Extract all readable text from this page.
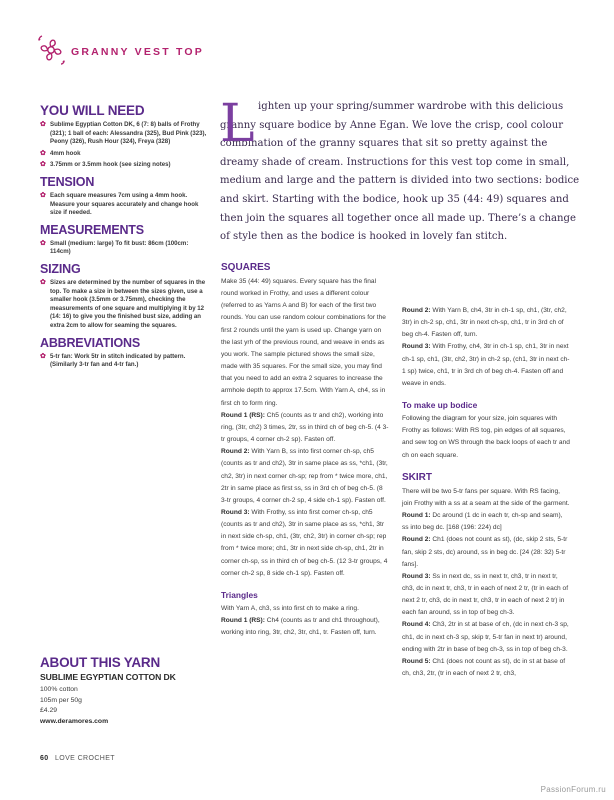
GRANNY VEST TOP
YOU WILL NEED
✿ Sublime Egyptian Cotton DK, 6 (7: 8) balls of Frothy (321); 1 ball of each: Alessandra (325), Bud Pink (323), Peony (326), Rush Hour (324), Freya (328)
✿ 4mm hook
✿ 3.75mm or 3.5mm hook (see sizing notes)
TENSION
✿ Each square measures 7cm using a 4mm hook. Measure your squares accurately and change hook size if needed.
MEASUREMENTS
✿ Small (medium: large) To fit bust: 86cm (100cm: 114cm)
SIZING
✿ Sizes are determined by the number of squares in the top. To make a size in between the sizes given, use a smaller hook (3.5mm or 3.75mm), checking the measurements of one square and multiplying it by 12 (14: 16) to give you the finished bust size, adding an extra 2cm to allow for seaming the squares.
ABBREVIATIONS
✿ 5-tr fan: Work 5tr in stitch indicated by pattern. (Similarly 3-tr fan and 4-tr fan.)
ABOUT THIS YARN
SUBLIME EGYPTIAN COTTON DK
100% cotton
105m per 50g
£4.29
www.deramores.com
L ighten up your spring/summer wardrobe with this delicious granny square bodice by Anne Egan. We love the crisp, cool colour combination of the granny squares that sit so pretty against the dreamy shade of cream. Instructions for this vest top come in small, medium and large and the pattern is divided into two sections: bodice and skirt. Starting with the bodice, hook up 35 (44: 49) squares and then join the squares all together once all made up. There’s a change of style then as the bodice is hooked in lovely fan stitch.

SQUARES

Make 35 (44: 49) squares. Every square has the final round worked in Frothy, and uses a different colour (referred to as Yarns A and B) for each of the first two rounds. You can use random colour combinations for the first 2 rounds until the yarn is used up. Change yarn on the last yrh of the previous round, and weave in ends as you work. The sample pictured shows the small size, made with 35 squares. For the small size, you may find that you need to add an extra 2 squares to increase the armhole depth to approx 17.5cm. With Yarn A, ch4, ss in first ch to form ring.
Round 1 (RS): Ch5 (counts as tr and ch2), working into ring, (3tr, ch2) 3 times, 2tr, ss in third ch of beg ch-5. (4 3-tr groups, 4 corner ch-2 sp). Fasten off.
Round 2: With Yarn B, ss into first corner ch-sp, ch5 (counts as tr and ch2), 3tr in same place as ss, *ch1, (3tr, ch2, 3tr) in next corner ch-sp; rep from * twice more, ch1, 2tr in same place as first ss, ss in 3rd ch of beg ch-5. (8 3-tr groups, 4 corner ch-2 sp, 4 side ch-1 sp). Fasten off.
Round 3: With Frothy, ss into first corner ch-sp, ch5 (counts as tr and ch2), 3tr in same place as ss, *ch1, 3tr in next side ch-sp, ch1, (3tr, ch2, 3tr) in corner ch-sp; rep from * twice more; ch1, 3tr in next side ch-sp, ch1, 2tr in corner ch-sp, ss in third ch of beg ch-5. (12 3-tr groups, 4 corner ch-2 sp, 8 side ch-1 sp). Fasten off.

Triangles

With Yarn A, ch3, ss into first ch to make a ring.
Round 1 (RS): Ch4 (counts as tr and ch1 throughout), working into ring, 3tr, ch2, 3tr, ch1, tr. Fasten off, turn.

Round 2: With Yarn B, ch4, 3tr in ch-1 sp, ch1, (3tr, ch2, 3tr) in ch-2 sp, ch1, 3tr in next ch-sp, ch1, tr in 3rd ch of beg ch-4. Fasten off, turn.
Round 3: With Frothy, ch4, 3tr in ch-1 sp, ch1, 3tr in next ch-1 sp, ch1, (3tr, ch2, 3tr) in ch-2 sp, (ch1, 3tr in next ch-1 sp) twice, ch1, tr in 3rd ch of beg ch-4. Fasten off and weave in ends.

To make up bodice

Following the diagram for your size, join squares with Frothy as follows: With RS tog, pin edges of all squares, and sew tog on WS through the back loops of each tr and ch on each square.

SKIRT

There will be two 5-tr fans per square. With RS facing, join Frothy with a ss at a seam at the side of the garment.
Round 1: Dc around (1 dc in each tr, ch-sp and seam), ss into beg dc. [168 (196: 224) dc]
Round 2: Ch1 (does not count as st), (dc, skip 2 sts, 5-tr fan, skip 2 sts, dc) around, ss in beg dc. [24 (28: 32) 5-tr fans].
Round 3: Ss in next dc, ss in next tr, ch3, tr in next tr, ch3, dc in next tr, ch3, tr in each of next 2 tr, (tr in each of next 2 tr, ch3, dc in next tr, ch3, tr in each of next 2 tr) in each fan around, ss in top of beg ch-3.
Round 4: Ch3, 2tr in st at base of ch, (dc in next ch-3 sp, ch1, dc in next ch-3 sp, skip tr, 5-tr fan in next tr) around, ending with 2tr in base of beg ch-3, ss in top of beg ch-3.
Round 5: Ch1 (does not count as st), dc in st at base of ch, ch3, 2tr, (tr in each of next 2 tr, ch3,

60 LOVE CROCHET
PassionForum.ru
